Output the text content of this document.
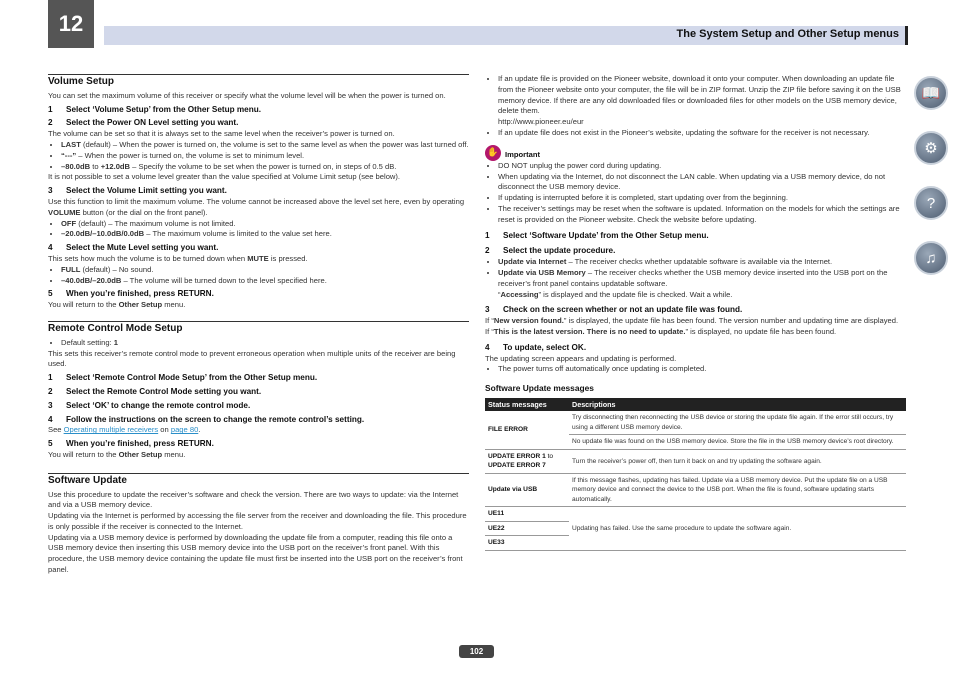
12	The System Setup and Other Setup menus
📖
⚙
?
♫
Volume Setup

You can set the maximum volume of this receiver or specify what the volume level will be when the power is turned on.

1	Select ‘Volume Setup’ from the Other Setup menu.
2	Select the Power ON Level setting you want.

The volume can be set so that it is always set to the same level when the receiver’s power is turned on.

• LAST (default) – When the power is turned on, the volume is set to the same level as when the power was last turned off.
• “---” – When the power is turned on, the volume is set to minimum level.
• –80.0dB to +12.0dB – Specify the volume to be set when the power is turned on, in steps of 0.5 dB.

It is not possible to set a volume level greater than the value specified at Volume Limit setup (see below).

3	Select the Volume Limit setting you want.

Use this function to limit the maximum volume. The volume cannot be increased above the level set here, even by operating VOLUME button (or the dial on the front panel).

• OFF (default) – The maximum volume is not limited.
• –20.0dB/–10.0dB/0.0dB – The maximum volume is limited to the value set here.
4	Select the Mute Level setting you want.

This sets how much the volume is to be turned down when MUTE is pressed.

• FULL (default) – No sound.
• –40.0dB/–20.0dB – The volume will be turned down to the level specified here.
5	When you’re finished, press RETURN.

You will return to the Other Setup menu.

Remote Control Mode Setup
• Default setting: 1

This sets this receiver’s remote control mode to prevent erroneous operation when multiple units of the receiver are being used.

1	Select ‘Remote Control Mode Setup’ from the Other Setup menu.
2	Select the Remote Control Mode setting you want.
3	Select ‘OK’ to change the remote control mode.
4	Follow the instructions on the screen to change the remote control’s setting.

See Operating multiple receivers on page 80.

5	When you’re finished, press RETURN.

You will return to the Other Setup menu.

Software Update

Use this procedure to update the receiver’s software and check the version. There are two ways to update: via the Internet and via a USB memory device.

Updating via the Internet is performed by accessing the file server from the receiver and downloading the file. This procedure is only possible if the receiver is connected to the Internet.

Updating via a USB memory device is performed by downloading the update file from a computer, reading this file onto a USB memory device then inserting this USB memory device into the USB port on the receiver’s front panel. With this procedure, the USB memory device containing the update file must first be inserted into the USB port on the receiver’s front panel.

• If an update file is provided on the Pioneer website, download it onto your computer. When downloading an update file from the Pioneer website onto your computer, the file will be in ZIP format. Unzip the ZIP file before saving it on the USB memory device. If there are any old downloaded files or downloaded files for other models on the USB memory device, delete them.
http://www.pioneer.eu/eur
• If an update file does not exist in the Pioneer’s website, updating the software for the receiver is not necessary.
✋ Important
• DO NOT unplug the power cord during updating.
• When updating via the Internet, do not disconnect the LAN cable. When updating via a USB memory device, do not disconnect the USB memory device.
• If updating is interrupted before it is completed, start updating over from the beginning.
• The receiver’s settings may be reset when the software is updated. Information on the models for which the settings are reset is provided on the Pioneer website. Check the website before updating.
1	Select ‘Software Update’ from the Other Setup menu.
2	Select the update procedure.
• Update via Internet – The receiver checks whether updatable software is available via the Internet.
• Update via USB Memory – The receiver checks whether the USB memory device inserted into the USB port on the receiver’s front panel contains updatable software.
“Accessing” is displayed and the update file is checked. Wait a while.
3	Check on the screen whether or not an update file was found.

If “New version found.” is displayed, the update file has been found. The version number and updating time are displayed.

If “This is the latest version. There is no need to update.” is displayed, no update file has been found.

4	To update, select OK.

The updating screen appears and updating is performed.

• The power turns off automatically once updating is completed.
Software Update messages
Status messages	Descriptions
FILE ERROR	Try disconnecting then reconnecting the USB device or storing the update file again. If the error still occurs, try using a different USB memory device.
	No update file was found on the USB memory device. Store the file in the USB memory device’s root directory.
UPDATE ERROR 1 to
UPDATE ERROR 7	Turn the receiver’s power off, then turn it back on and try updating the software again.
Update via USB	If this message flashes, updating has failed. Update via a USB memory device. Put the update file on a USB memory device and connect the device to the USB port. When the file is found, software updating starts automatically.
UE11	Updating has failed. Use the same procedure to update the software again.
UE22	
UE33	
102
